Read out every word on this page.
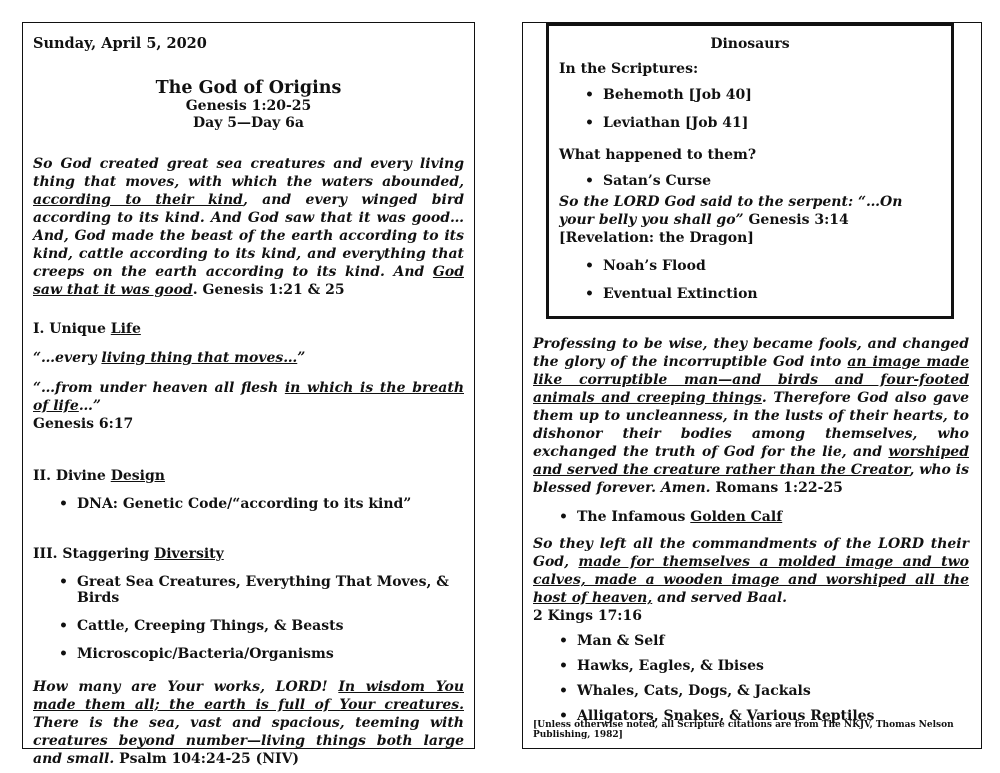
Sunday, April 5, 2020
The God of Origins
Genesis 1:20-25
Day 5—Day 6a

So God created great sea creatures and every living thing that moves, with which the waters abounded, according to their kind, and every winged bird according to its kind. And God saw that it was good…And, God made the beast of the earth according to its kind, cattle according to its kind, and everything that creeps on the earth according to its kind. And God saw that it was good. Genesis 1:21 & 25

I. Unique Life
“…every living thing that moves…”
“…from under heaven all flesh in which is the breath of life…”
Genesis 6:17
II. Divine Design
• DNA: Genetic Code/“according to its kind”
III. Staggering Diversity
• Great Sea Creatures, Everything That Moves, & Birds
• Cattle, Creeping Things, & Beasts
• Microscopic/Bacteria/Organisms

How many are Your works, LORD! In wisdom You made them all; the earth is full of Your creatures. There is the sea, vast and spacious, teeming with creatures beyond number—living things both large and small. Psalm 104:24-25 (NIV)

Dinosaurs
In the Scriptures:
• Behemoth [Job 40]
• Leviathan [Job 41]
What happened to them?
• Satan’s Curse
So the LORD God said to the serpent: “…On your belly you shall go” Genesis 3:14 [Revelation: the Dragon]
• Noah’s Flood
• Eventual Extinction

Professing to be wise, they became fools, and changed the glory of the incorruptible God into an image made like corruptible man—and birds and four-footed animals and creeping things. Therefore God also gave them up to uncleanness, in the lusts of their hearts, to dishonor their bodies among themselves, who exchanged the truth of God for the lie, and worshiped and served the creature rather than the Creator, who is blessed forever. Amen. Romans 1:22-25

• The Infamous Golden Calf

So they left all the commandments of the LORD their God, made for themselves a molded image and two calves, made a wooden image and worshiped all the host of heaven, and served Baal.

2 Kings 17:16
• Man & Self
• Hawks, Eagles, & Ibises
• Whales, Cats, Dogs, & Jackals
• Alligators, Snakes, & Various Reptiles
[Unless otherwise noted, all Scripture citations are from The NKJV, Thomas Nelson Publishing, 1982]
